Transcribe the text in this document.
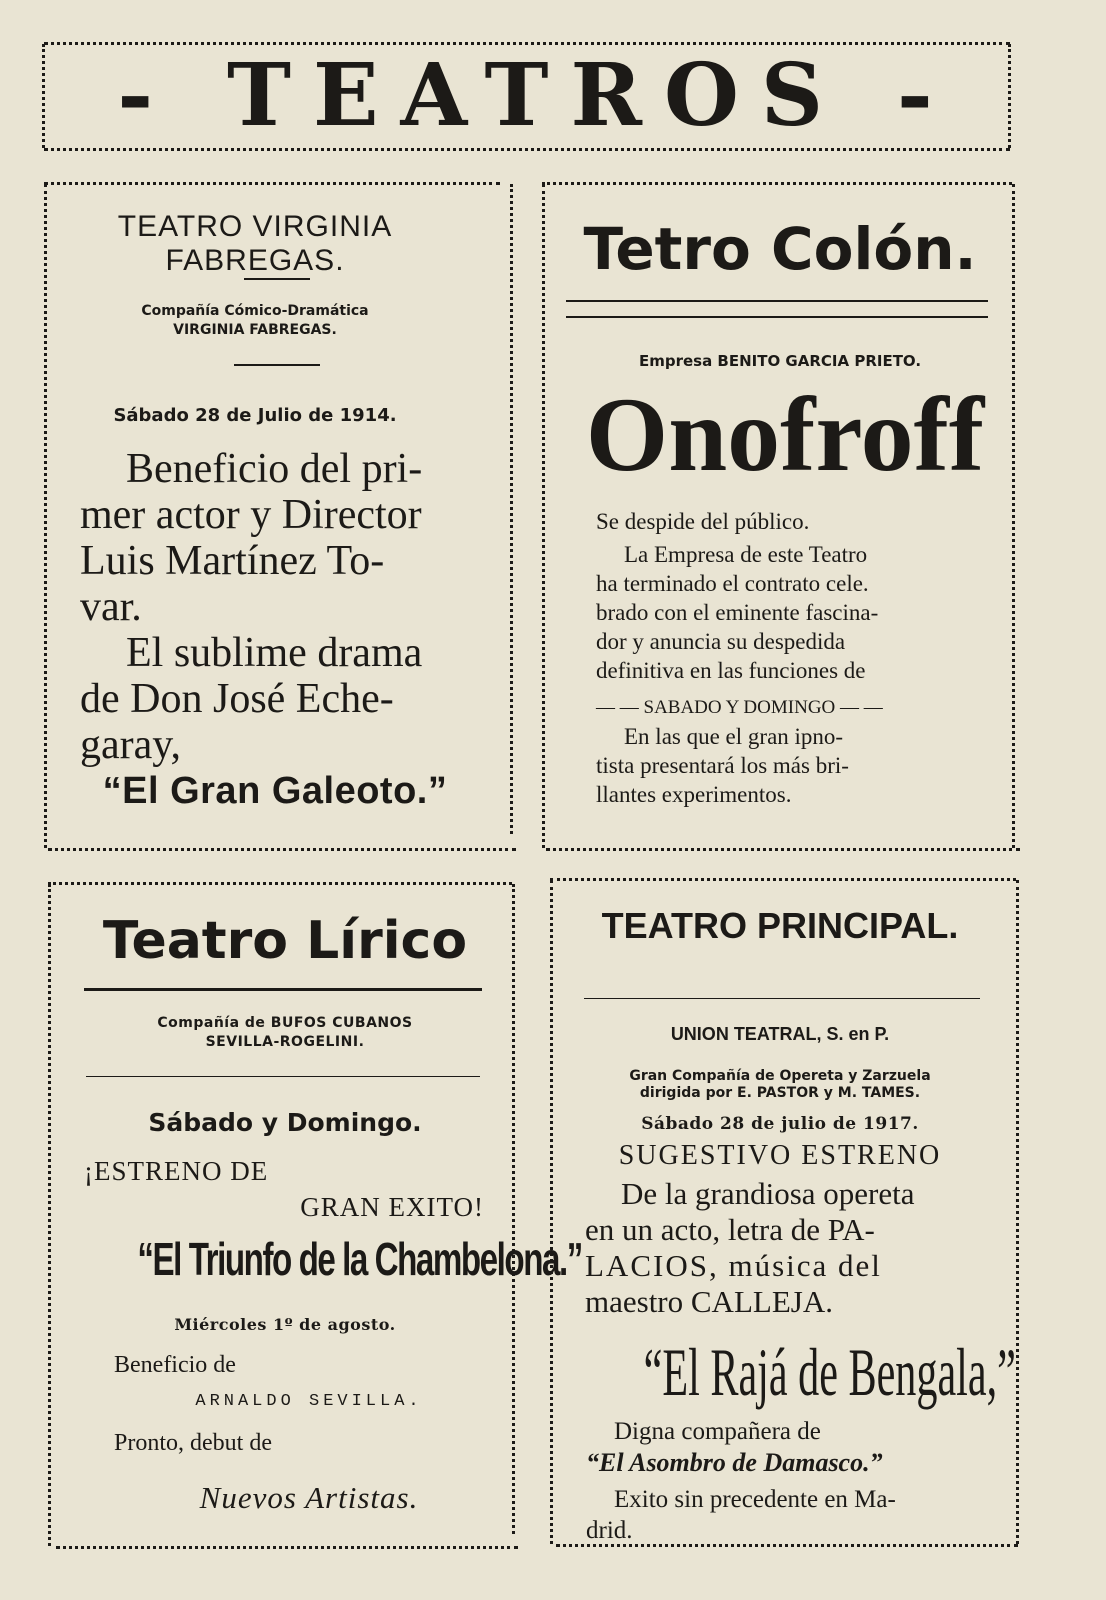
- TEATROS -
TEATRO VIRGINIA FABREGAS.
Compañía Cómico-Dramática
VIRGINIA FABREGAS.
Sábado 28 de Julio de 1914.
Beneficio del pri-
mer actor y Director
Luis Martínez To-
var.
El sublime drama
de Don José Eche-
garay,
“El Gran Galeoto.”
Tetro Colón.
Empresa BENITO GARCIA PRIETO.
Onofroff
Se despide del público.
La Empresa de este Teatro
ha terminado el contrato cele.
brado con el eminente fascina-
dor y anuncia su despedida
definitiva en las funciones de
— — SABADO Y DOMINGO — —
En las que el gran ipno-
tista presentará los más bri-
llantes experimentos.
Teatro Lírico
Compañía de BUFOS CUBANOS
SEVILLA-ROGELINI.
Sábado y Domingo.
¡ESTRENO DE
GRAN EXITO!
“El Triunfo de la Chambelona.”
Miércoles 1º de agosto.
Beneficio de
ARNALDO SEVILLA.
Pronto, debut de
Nuevos Artistas.
TEATRO PRINCIPAL.
UNION TEATRAL, S. en P.
Gran Compañía de Opereta y Zarzuela
dirigida por E. PASTOR y M. TAMES.
Sábado 28 de julio de 1917.
SUGESTIVO ESTRENO
De la grandiosa opereta
en un acto, letra de PA-
LACIOS, música del
maestro CALLEJA.
“El Rajá de Bengala,”
Digna compañera de
“El Asombro de Damasco.”
Exito sin precedente en Ma-
drid.
